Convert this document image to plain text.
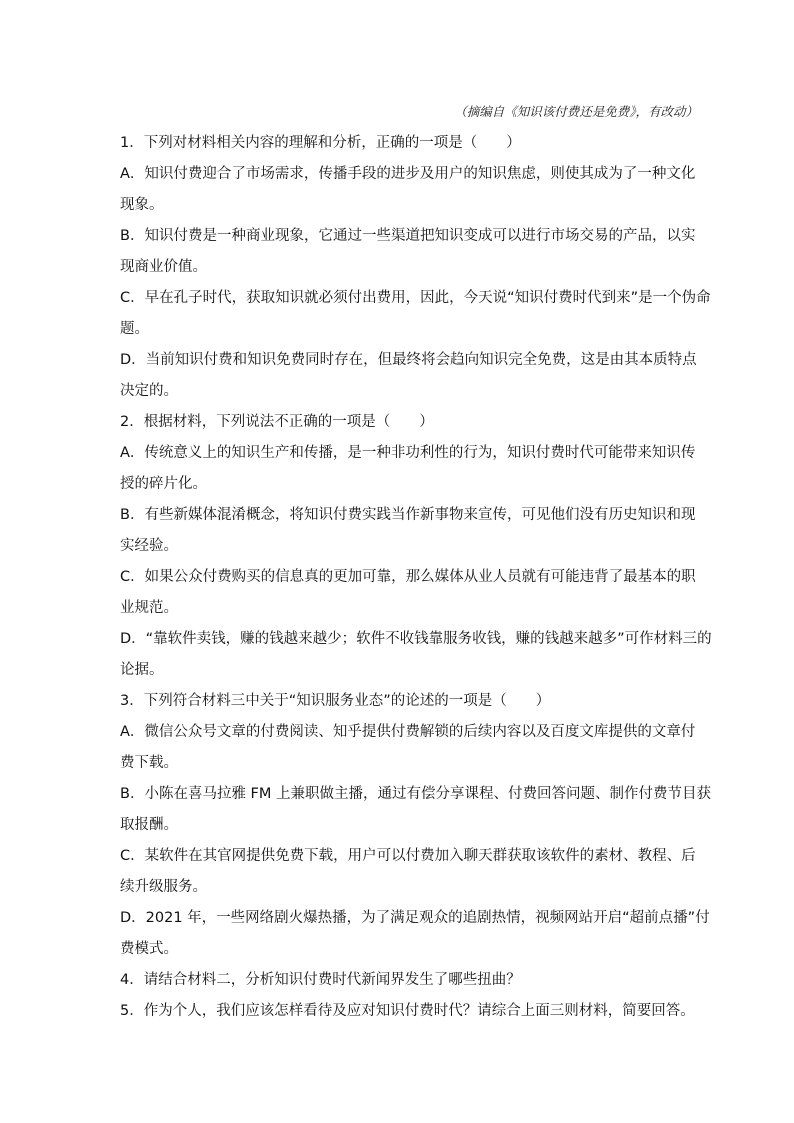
（摘编自《知识该付费还是免费》，有改动）
1．下列对材料相关内容的理解和分析，正确的一项是（　　）
A．知识付费迎合了市场需求，传播手段的进步及用户的知识焦虑，则使其成为了一种文化
现象。
B．知识付费是一种商业现象，它通过一些渠道把知识变成可以进行市场交易的产品，以实
现商业价值。
C．早在孔子时代，获取知识就必须付出费用，因此，今天说“知识付费时代到来”是一个伪命
题。
D．当前知识付费和知识免费同时存在，但最终将会趋向知识完全免费，这是由其本质特点
决定的。
2．根据材料，下列说法不正确的一项是（　　）
A．传统意义上的知识生产和传播，是一种非功利性的行为，知识付费时代可能带来知识传
授的碎片化。
B．有些新媒体混淆概念，将知识付费实践当作新事物来宣传，可见他们没有历史知识和现
实经验。
C．如果公众付费购买的信息真的更加可靠，那么媒体从业人员就有可能违背了最基本的职
业规范。
D．“靠软件卖钱，赚的钱越来越少；软件不收钱靠服务收钱，赚的钱越来越多”可作材料三的
论据。
3．下列符合材料三中关于“知识服务业态”的论述的一项是（　　）
A．微信公众号文章的付费阅读、知乎提供付费解锁的后续内容以及百度文库提供的文章付
费下载。
B．小陈在喜马拉雅 FM 上兼职做主播，通过有偿分享课程、付费回答问题、制作付费节目获
取报酬。
C．某软件在其官网提供免费下载，用户可以付费加入聊天群获取该软件的素材、教程、后
续升级服务。
D．2021 年，一些网络剧火爆热播，为了满足观众的追剧热情，视频网站开启“超前点播”付
费模式。
4．请结合材料二，分析知识付费时代新闻界发生了哪些扭曲？
5．作为个人，我们应该怎样看待及应对知识付费时代？请综合上面三则材料，简要回答。
